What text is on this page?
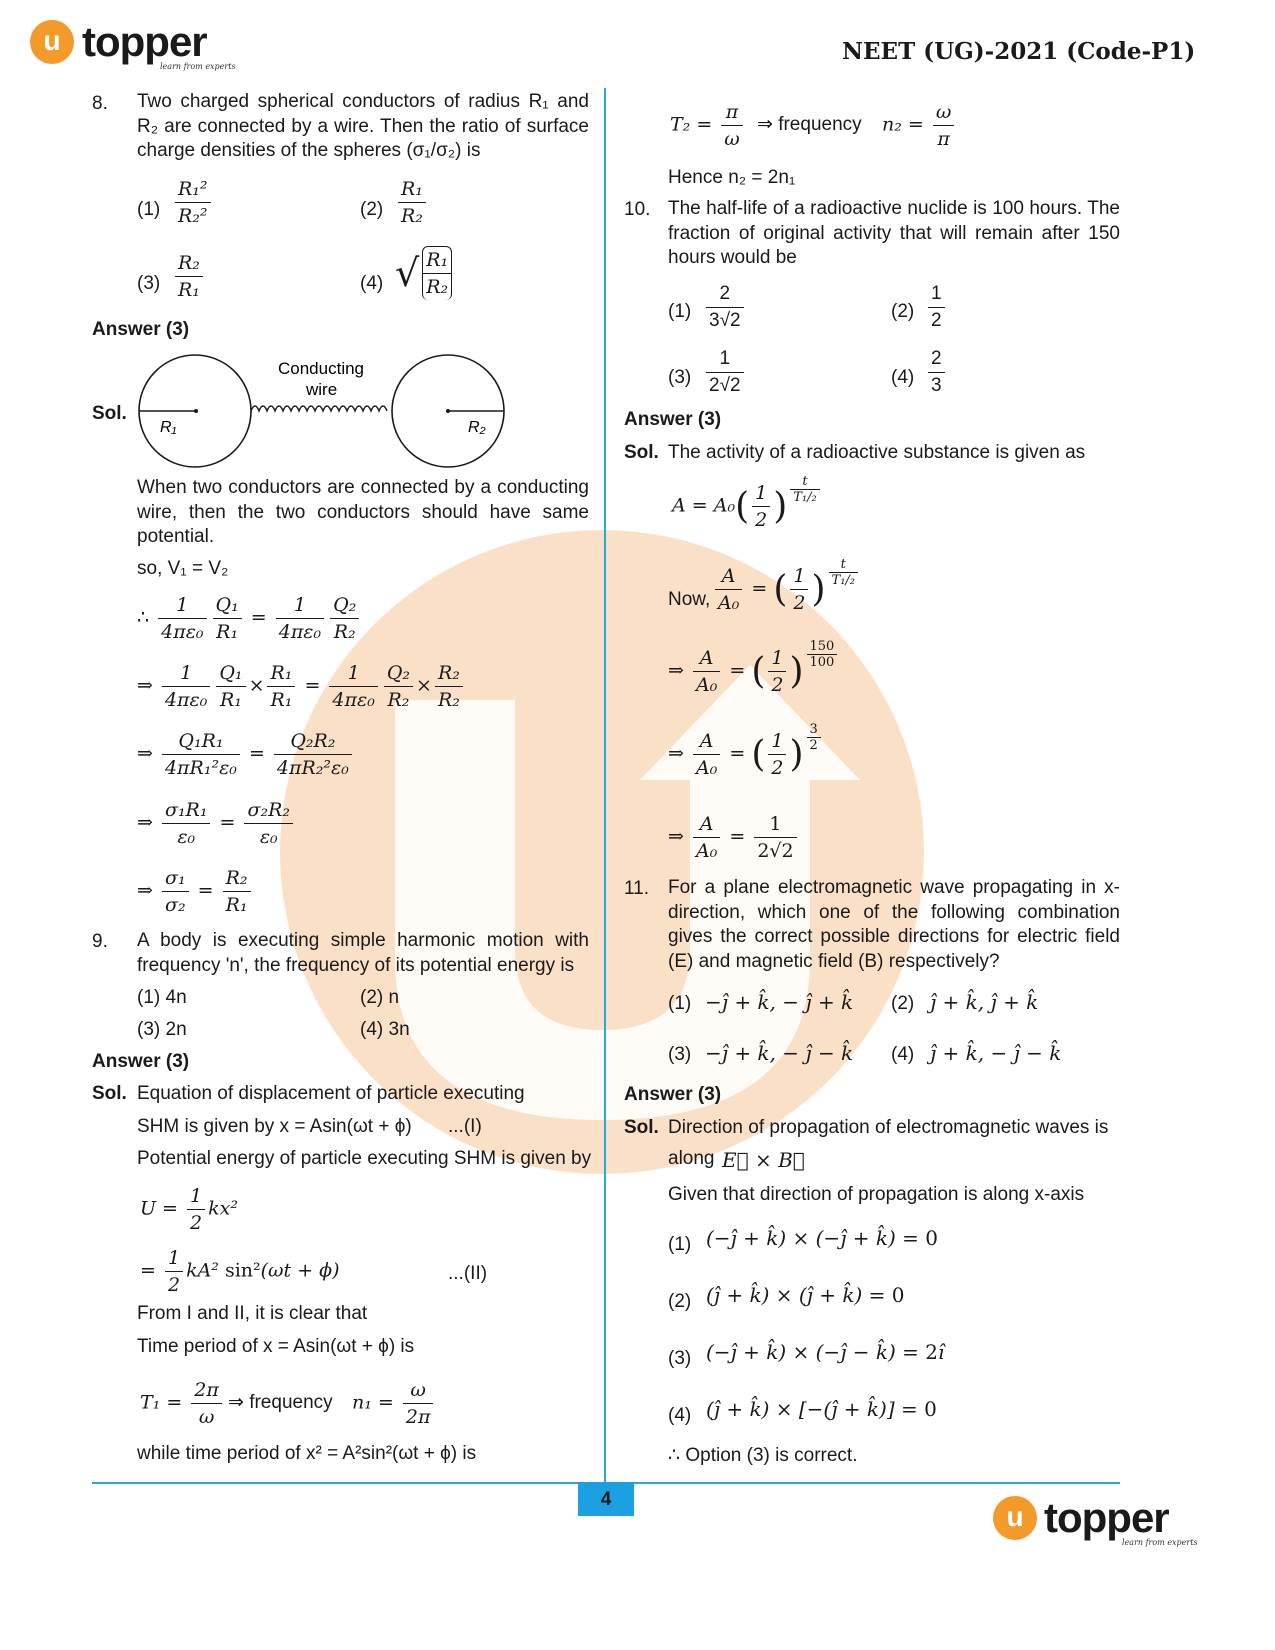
u topper
learn from experts
NEET (UG)-2021 (Code-P1)
8. Two charged spherical conductors of radius R₁ and R₂ are connected by a wire. Then the ratio of surface charge densities of the spheres (σ₁/σ₂) is
$(1) \frac{\text{R₁²}}{\text{R₂²}}$	$(2) \frac{\text{R₁}}{\text{R₂}}$
$(3) \frac{\text{R₂}}{\text{R₁}}$	(4) √ $\frac{\text{R₁}}{\text{R₂}}$
Answer (3)
Sol.
R₁	R₂
Conducting
wire
When two conductors are connected by a conducting wire, then the two conductors should have same potential.
so, V₁ = V₂
∴ $\frac{1}{\text{4πε₀}} \frac{\text{Q₁}}{\text{R₁}} = \frac{1}{\text{4πε₀}} \frac{\text{Q₂}}{\text{R₂}}$
⇒ $\frac{1}{\text{4πε₀}} \frac{\text{Q₁}}{\text{R₁}} \times \frac{\text{R₁}}{\text{R₁}} = \frac{1}{\text{4πε₀}} \frac{\text{Q₂}}{\text{R₂}} \times \frac{\text{R₂}}{\text{R₂}}$
⇒ $\frac{\text{Q₁R₁}}{\text{4πR₁²ε₀}} = \frac{\text{Q₂R₂}}{\text{4πR₂²ε₀}}$
⇒ $\frac{\text{σ₁R₁}}{\text{ε₀}} = \frac{\text{σ₂R₂}}{\text{ε₀}}$
⇒ $\frac{\text{σ₁}}{\text{σ₂}} = \frac{\text{R₂}}{\text{R₁}}$
9. A body is executing simple harmonic motion with frequency 'n', the frequency of its potential energy is
(1) 4n	(2) n
(3) 2n	(4) 3n
Answer (3)
Sol. Equation of displacement of particle executing
SHM is given by x = Asin(ωt + ϕ) ...(I)
Potential energy of particle executing SHM is given by
$U = \frac{1}{2} kx^2$
= $\frac{1}{2} kA^2$ sin²(ωt + ϕ)	...(II)
From I and II, it is clear that
Time period of x = Asin(ωt + ϕ) is
$T_1 = \frac{2\pi}{\omega}$ ⇒ frequency $n_1 = \frac{\omega}{2\pi}$
while time period of x² = A²sin²(ωt + ϕ) is
$T_2 = \frac{\pi}{\omega}$ ⇒ frequency $n_2 = \frac{\omega}{\pi}$
Hence n₂ = 2n₁
10. The half-life of a radioactive nuclide is 100 hours. The fraction of original activity that will remain after 150 hours would be
$(1) \frac{2}{3√2}$	$(2) \frac{1}{2}$
$(3) \frac{1}{2√2}$	$(4) \frac{2}{3}$
Answer (3)
Sol. The activity of a radioactive substance is given as
$A = A_0( \frac{1}{2}$ ) $^{\frac{t}{\text{T₁/₂}}}$
Now, $\frac{A}{\text{A₀}}$ = ( $\frac{1}{2}$ ) $^{\frac{t}{\text{T₁/₂}}}$
⇒ $\frac{A}{\text{A₀}}$ = ( $\frac{1}{2}$ ) $^{\frac{150}{100}}$
⇒ $\frac{A}{\text{A₀}}$ = ( $\frac{1}{2}$ ) $^{\frac{3}{2}}$
⇒ $\frac{A}{\text{A₀}} = \frac{1}{2√2}$
11. For a plane electromagnetic wave propagating in x-direction, which one of the following combination gives the correct possible directions for electric field (E) and magnetic field (B) respectively?
(1) −ĵ + k̂, − ĵ + k̂ (2) ĵ + k̂, ĵ + k̂
(3) −ĵ + k̂, − ĵ − k̂ (4) ĵ + k̂, − ĵ − k̂
Answer (3)
Sol. Direction of propagation of electromagnetic waves is
along E⃗ × B⃗
Given that direction of propagation is along x-axis
(1) (−ĵ + k̂) × (−ĵ + k̂) = 0
(2) (ĵ + k̂) × (ĵ + k̂) = 0
(3) (−ĵ + k̂) × (−ĵ − k̂) = 2î
(4) (ĵ + k̂) × [−(ĵ + k̂)] = 0
∴ Option (3) is correct.
4
u topper
learn from experts
